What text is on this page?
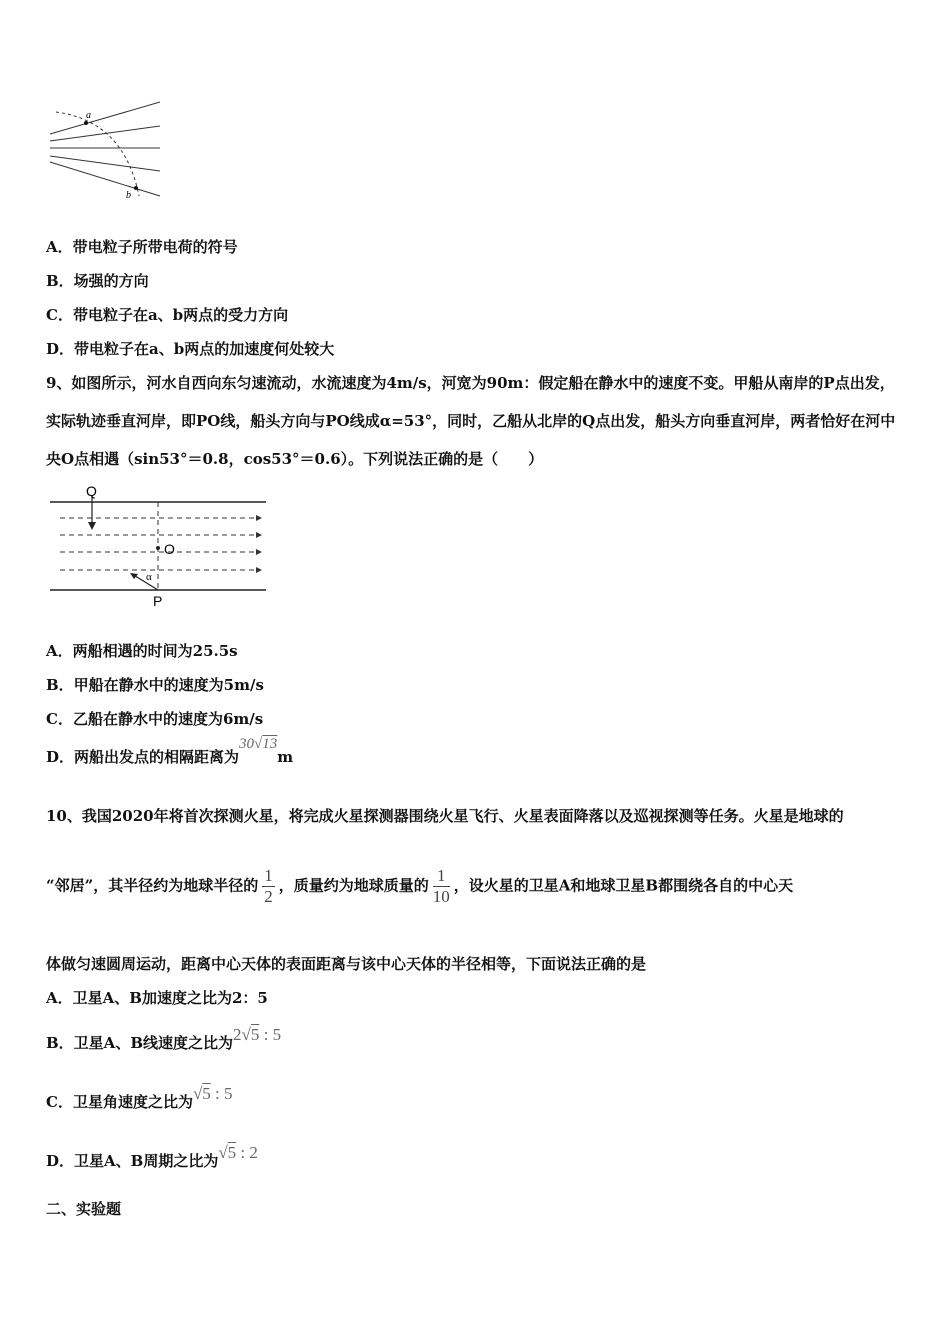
a
b
A．带电粒子所带电荷的符号
B．场强的方向
C．带电粒子在a、b两点的受力方向
D．带电粒子在a、b两点的加速度何处较大
9、如图所示，河水自西向东匀速流动，水流速度为4m/s，河宽为90m：假定船在静水中的速度不变。甲船从南岸的P点出发，实际轨迹垂直河岸，即PO线，船头方向与PO线成α=53°，同时，乙船从北岸的Q点出发，船头方向垂直河岸，两者恰好在河中央O点相遇（sin53°＝0.8，cos53°＝0.6）。下列说法正确的是（　　）
Q
O
P
α
A．两船相遇的时间为25.5s
B．甲船在静水中的速度为5m/s
C．乙船在静水中的速度为6m/s
D．两船出发点的相隔距离为30√13m
10、我国2020年将首次探测火星，将完成火星探测器围绕火星飞行、火星表面降落以及巡视探测等任务。火星是地球的
“邻居”，其半径约为地球半径的 $\frac{1}{2}$ ，质量约为地球质量的 $\frac{1}{10}$ ，设火星的卫星A和地球卫星B都围绕各自的中心天
体做匀速圆周运动，距离中心天体的表面距离与该中心天体的半径相等，下面说法正确的是
A．卫星A、B加速度之比为2：5
B．卫星A、B线速度之比为2√5 : 5
C．卫星角速度之比为√5 : 5
D．卫星A、B周期之比为√5 : 2
二、实验题
